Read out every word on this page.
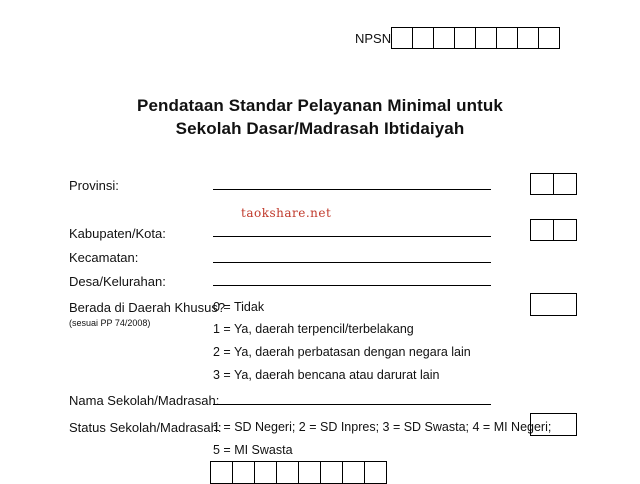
NPSN
Pendataan Standar Pelayanan Minimal untuk
Sekolah Dasar/Madrasah Ibtidaiyah
Provinsi:
taokshare.net
Kabupaten/Kota:
Kecamatan:
Desa/Kelurahan:
Berada di Daerah Khusus?
(sesuai PP 74/2008)
0 = Tidak
1 = Ya, daerah terpencil/terbelakang
2 = Ya, daerah perbatasan dengan negara lain
3 = Ya, daerah bencana atau darurat lain
Nama Sekolah/Madrasah:
Status Sekolah/Madrasah:
1 = SD Negeri; 2 = SD Inpres; 3 = SD Swasta; 4 = MI Negeri;
5 = MI Swasta
